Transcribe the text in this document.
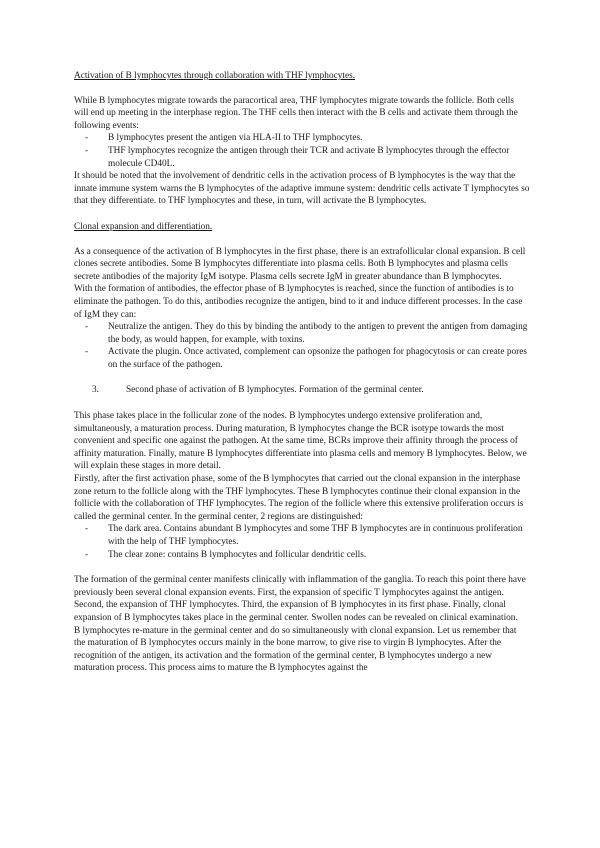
Activation of B lymphocytes through collaboration with THF lymphocytes.

While B lymphocytes migrate towards the paracortical area, THF lymphocytes migrate towards the follicle. Both cells will end up meeting in the interphase region. The THF cells then interact with the B cells and activate them through the following events:

- B lymphocytes present the antigen via HLA-II to THF lymphocytes.
- THF lymphocytes recognize the antigen through their TCR and activate B lymphocytes through the effector molecule CD40L.

It should be noted that the involvement of dendritic cells in the activation process of B lymphocytes is the way that the innate immune system warns the B lymphocytes of the adaptive immune system: dendritic cells activate T lymphocytes so that they differentiate. to THF lymphocytes and these, in turn, will activate the B lymphocytes.

Clonal expansion and differentiation.

As a consequence of the activation of B lymphocytes in the first phase, there is an extrafollicular clonal expansion. B cell clones secrete antibodies. Some B lymphocytes differentiate into plasma cells. Both B lymphocytes and plasma cells secrete antibodies of the majority IgM isotype. Plasma cells secrete IgM in greater abundance than B lymphocytes.

With the formation of antibodies, the effector phase of B lymphocytes is reached, since the function of antibodies is to eliminate the pathogen. To do this, antibodies recognize the antigen, bind to it and induce different processes. In the case of IgM they can:

- Neutralize the antigen. They do this by binding the antibody to the antigen to prevent the antigen from damaging the body, as would happen, for example, with toxins.
- Activate the plugin. Once activated, complement can opsonize the pathogen for phagocytosis or can create pores on the surface of the pathogen.

3.	Second phase of activation of B lymphocytes. Formation of the germinal center.

This phase takes place in the follicular zone of the nodes. B lymphocytes undergo extensive proliferation and, simultaneously, a maturation process. During maturation, B lymphocytes change the BCR isotype towards the most convenient and specific one against the pathogen. At the same time, BCRs improve their affinity through the process of affinity maturation. Finally, mature B lymphocytes differentiate into plasma cells and memory B lymphocytes. Below, we will explain these stages in more detail.

Firstly, after the first activation phase, some of the B lymphocytes that carried out the clonal expansion in the interphase zone return to the follicle along with the THF lymphocytes. These B lymphocytes continue their clonal expansion in the follicle with the collaboration of THF lymphocytes. The region of the follicle where this extensive proliferation occurs is called the germinal center. In the germinal center, 2 regions are distinguished:

- The dark area. Contains abundant B lymphocytes and some THF B lymphocytes are in continuous proliferation with the help of THF lymphocytes.
- The clear zone: contains B lymphocytes and follicular dendritic cells.

The formation of the germinal center manifests clinically with inflammation of the ganglia. To reach this point there have previously been several clonal expansion events. First, the expansion of specific T lymphocytes against the antigen. Second, the expansion of THF lymphocytes. Third, the expansion of B lymphocytes in its first phase. Finally, clonal expansion of B lymphocytes takes place in the germinal center. Swollen nodes can be revealed on clinical examination.

B lymphocytes re-mature in the germinal center and do so simultaneously with clonal expansion. Let us remember that the maturation of B lymphocytes occurs mainly in the bone marrow, to give rise to virgin B lymphocytes. After the recognition of the antigen, its activation and the formation of the germinal center, B lymphocytes undergo a new maturation process. This process aims to mature the B lymphocytes against the
